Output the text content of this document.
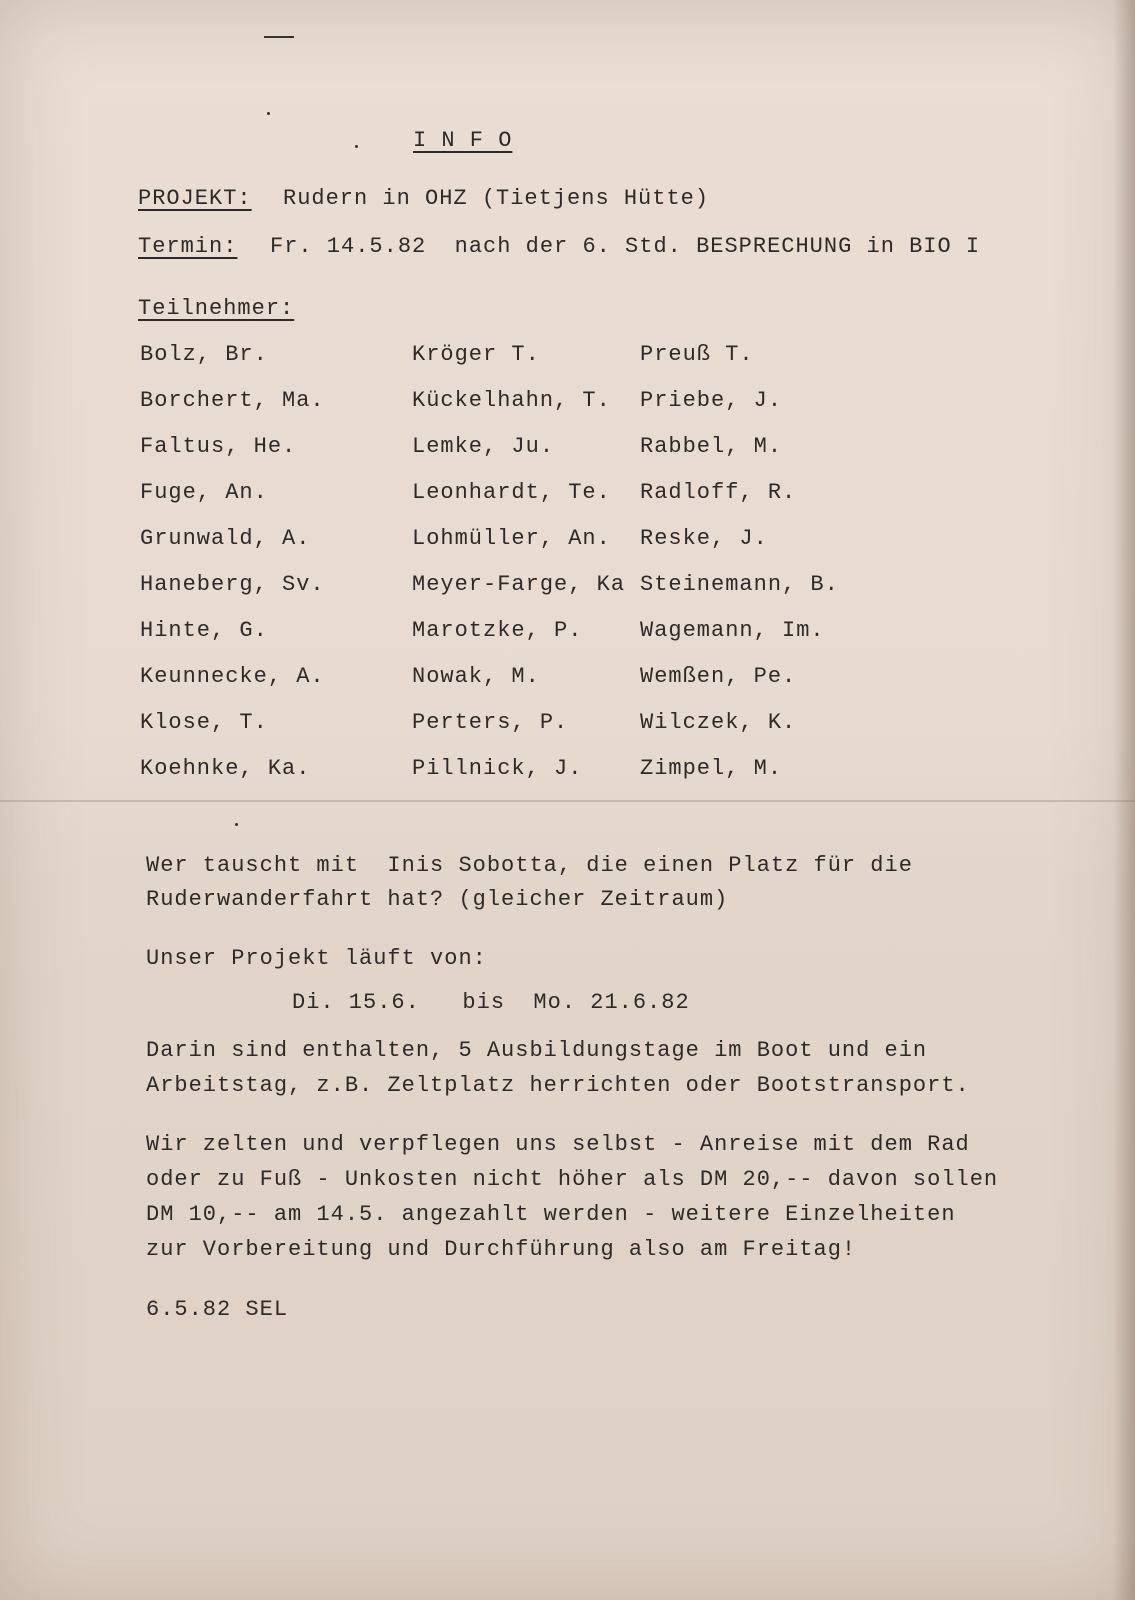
I N F O
PROJEKT: Rudern in OHZ (Tietjens Hütte)
Termin: Fr. 14.5.82  nach der 6. Std. BESPRECHUNG in BIO I
Teilnehmer:
Bolz, Br.
Borchert, Ma.
Faltus, He.
Fuge, An.
Grunwald, A.
Haneberg, Sv.
Hinte, G.
Keunnecke, A.
Klose, T.
Koehnke, Ka.
Kröger T.
Kückelhahn, T.
Lemke, Ju.
Leonhardt, Te.
Lohmüller, An.
Meyer-Farge, Ka
Marotzke, P.
Nowak, M.
Perters, P.
Pillnick, J.
Preuß T.
Priebe, J.
Rabbel, M.
Radloff, R.
Reske, J.
Steinemann, B.
Wagemann, Im.
Wemßen, Pe.
Wilczek, K.
Zimpel, M.
Wer tauscht mit  Inis Sobotta, die einen Platz für die
Ruderwanderfahrt hat? (gleicher Zeitraum)
Unser Projekt läuft von:
Di. 15.6.   bis  Mo. 21.6.82
Darin sind enthalten, 5 Ausbildungstage im Boot und ein
Arbeitstag, z.B. Zeltplatz herrichten oder Bootstransport.
Wir zelten und verpflegen uns selbst - Anreise mit dem Rad
oder zu Fuß - Unkosten nicht höher als DM 20,-- davon sollen
DM 10,-- am 14.5. angezahlt werden - weitere Einzelheiten
zur Vorbereitung und Durchführung also am Freitag!
6.5.82 SEL
